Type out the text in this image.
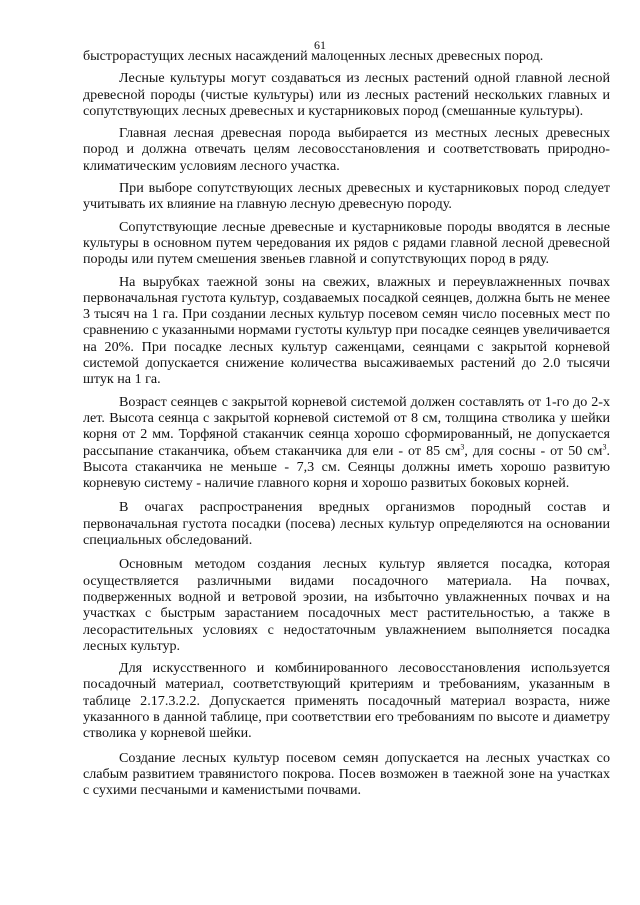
61

быстрорастущих лесных насаждений малоценных лесных древесных пород.

Лесные культуры могут создаваться из лесных растений одной главной лесной древесной породы (чистые культуры) или из лесных растений нескольких главных и сопутствующих лесных древесных и кустарниковых пород (смешанные культуры).

Главная лесная древесная порода выбирается из местных лесных древесных пород и должна отвечать целям лесовосстановления и соответствовать природно-климатическим условиям лесного участка.

При выборе сопутствующих лесных древесных и кустарниковых пород следует учитывать их влияние на главную лесную древесную породу.

Сопутствующие лесные древесные и кустарниковые породы вводятся в лесные культуры в основном путем чередования их рядов с рядами главной лесной древесной породы или путем смешения звеньев главной и сопутствующих пород в ряду.

На вырубках таежной зоны на свежих, влажных и переувлажненных почвах первоначальная густота культур, создаваемых посадкой сеянцев, должна быть не менее 3 тысяч на 1 га. При создании лесных культур посевом семян число посевных мест по сравнению с указанными нормами густоты культур при посадке сеянцев увеличивается на 20%. При посадке лесных культур саженцами, сеянцами с закрытой корневой системой допускается снижение количества высаживаемых растений до 2.0 тысячи штук на 1 га.

Возраст сеянцев с закрытой корневой системой должен составлять от 1-го до 2-х лет. Высота сеянца с закрытой корневой системой от 8 см, толщина стволика у шейки корня от 2 мм. Торфяной стаканчик сеянца хорошо сформированный, не допускается рассыпание стаканчика, объем стаканчика для ели - от 85 $см^3$, для сосны - от 50 $см^3$. Высота стаканчика не меньше - 7,3 см. Сеянцы должны иметь хорошо развитую корневую систему - наличие главного корня и хорошо развитых боковых корней.

В очагах распространения вредных организмов породный состав и первоначальная густота посадки (посева) лесных культур определяются на основании специальных обследований.

Основным методом создания лесных культур является посадка, которая осуществляется различными видами посадочного материала. На почвах, подверженных водной и ветровой эрозии, на избыточно увлажненных почвах и на участках с быстрым зарастанием посадочных мест растительностью, а также в лесорастительных условиях с недостаточным увлажнением выполняется посадка лесных культур.

Для искусственного и комбинированного лесовосстановления используется посадочный материал, соответствующий критериям и требованиям, указанным в таблице 2.17.3.2.2. Допускается применять посадочный материал возраста, ниже указанного в данной таблице, при соответствии его требованиям по высоте и диаметру стволика у корневой шейки.

Создание лесных культур посевом семян допускается на лесных участках со слабым развитием травянистого покрова. Посев возможен в таежной зоне на участках с сухими песчаными и каменистыми почвами.
